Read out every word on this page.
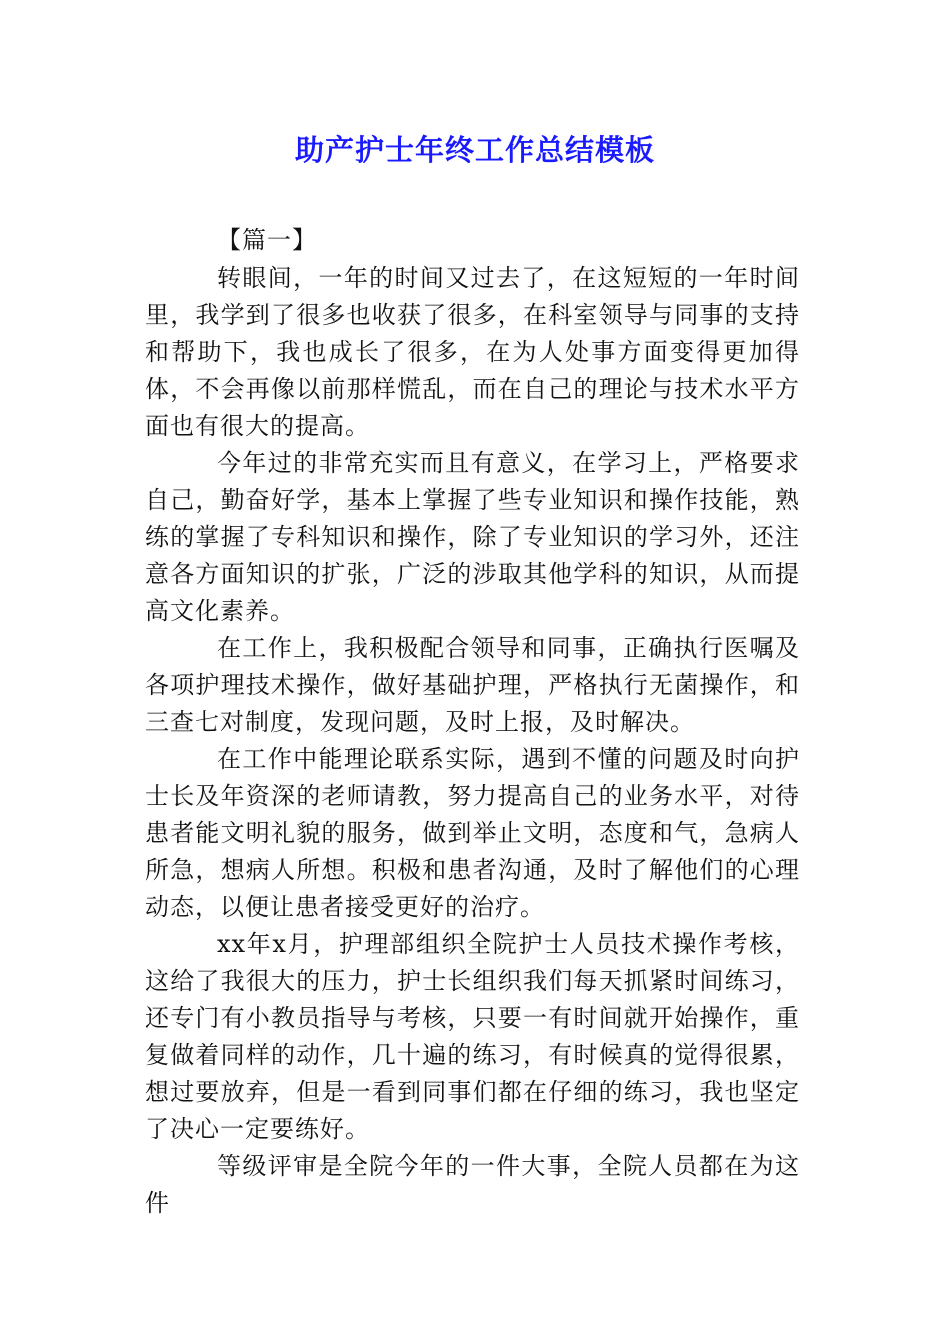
助产护士年终工作总结模板
【篇一】

转眼间，一年的时间又过去了，在这短短的一年时间里，我学到了很多也收获了很多，在科室领导与同事的支持和帮助下，我也成长了很多，在为人处事方面变得更加得体，不会再像以前那样慌乱，而在自己的理论与技术水平方面也有很大的提高。

今年过的非常充实而且有意义，在学习上，严格要求自己，勤奋好学，基本上掌握了些专业知识和操作技能，熟练的掌握了专科知识和操作，除了专业知识的学习外，还注意各方面知识的扩张，广泛的涉取其他学科的知识，从而提高文化素养。

在工作上，我积极配合领导和同事，正确执行医嘱及各项护理技术操作，做好基础护理，严格执行无菌操作，和三查七对制度，发现问题，及时上报，及时解决。

在工作中能理论联系实际，遇到不懂的问题及时向护士长及年资深的老师请教，努力提高自己的业务水平，对待患者能文明礼貌的服务，做到举止文明，态度和气，急病人所急，想病人所想。积极和患者沟通，及时了解他们的心理动态，以便让患者接受更好的治疗。

xx年x月，护理部组织全院护士人员技术操作考核，这给了我很大的压力，护士长组织我们每天抓紧时间练习，还专门有小教员指导与考核，只要一有时间就开始操作，重复做着同样的动作，几十遍的练习，有时候真的觉得很累，想过要放弃，但是一看到同事们都在仔细的练习，我也坚定了决心一定要练好。

等级评审是全院今年的一件大事，全院人员都在为这件
